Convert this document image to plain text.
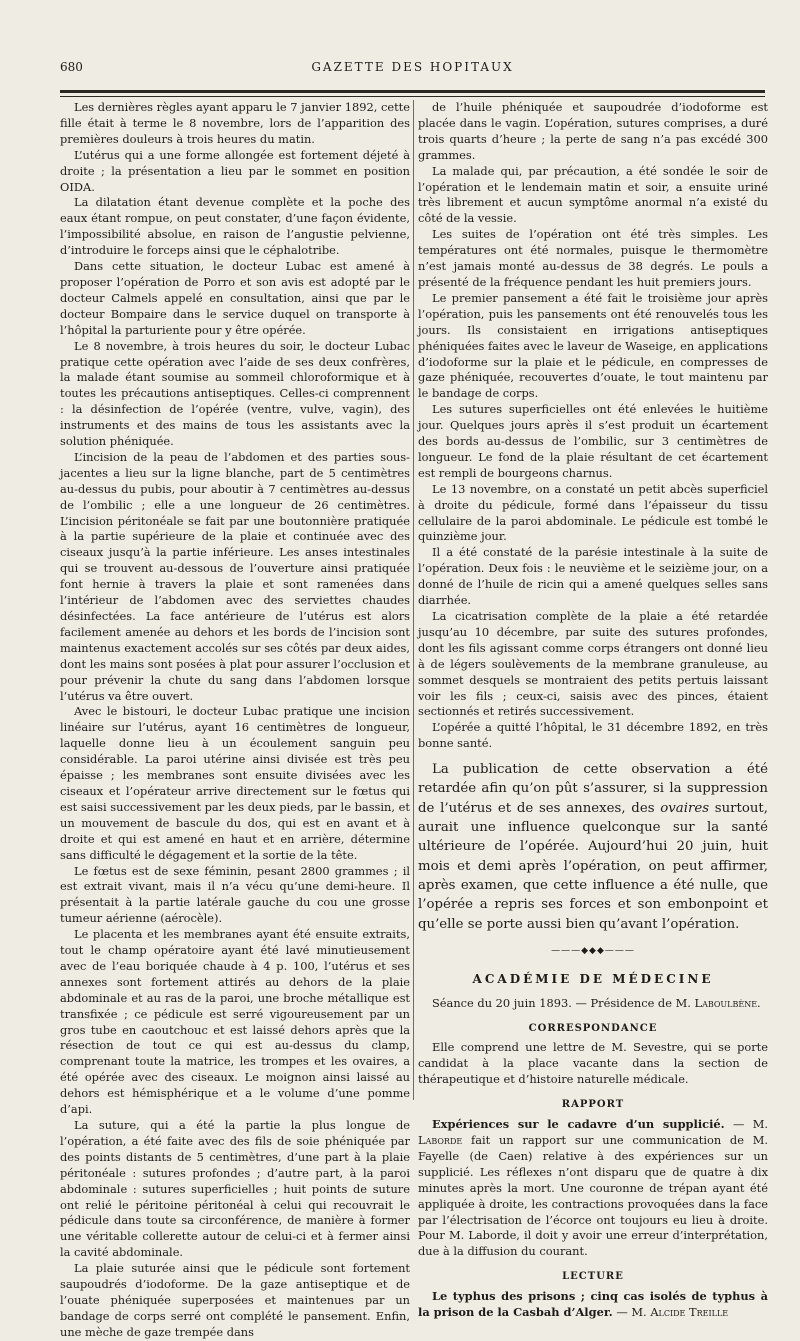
680	GAZETTE DES HOPITAUX

Les dernières règles ayant apparu le 7 janvier 1892, cette fille était à terme le 8 novembre, lors de l’apparition des premières douleurs à trois heures du matin.

L’utérus qui a une forme allongée est fortement déjeté à droite ; la présentation a lieu par le sommet en position OIDA.

La dilatation étant devenue complète et la poche des eaux étant rompue, on peut constater, d’une façon évidente, l’impossibilité absolue, en raison de l’angustie pelvienne, d’introduire le forceps ainsi que le céphalotribe.

Dans cette situation, le docteur Lubac est amené à proposer l’opération de Porro et son avis est adopté par le docteur Calmels appelé en consultation, ainsi que par le docteur Bompaire dans le service duquel on transporte à l’hôpital la parturiente pour y être opérée.

Le 8 novembre, à trois heures du soir, le docteur Lubac pratique cette opération avec l’aide de ses deux confrères, la malade étant soumise au sommeil chloroformique et à toutes les précautions antiseptiques. Celles-ci comprennent : la désinfection de l’opérée (ventre, vulve, vagin), des instruments et des mains de tous les assistants avec la solution phéniquée.

L’incision de la peau de l’abdomen et des parties sous-jacentes a lieu sur la ligne blanche, part de 5 centimètres au-dessus du pubis, pour aboutir à 7 centimètres au-dessus de l’ombilic ; elle a une longueur de 26 centimètres. L’incision péritonéale se fait par une boutonnière pratiquée à la partie supérieure de la plaie et continuée avec des ciseaux jusqu’à la partie inférieure. Les anses intestinales qui se trouvent au-dessous de l’ouverture ainsi pratiquée font hernie à travers la plaie et sont ramenées dans l’intérieur de l’abdomen avec des serviettes chaudes désinfectées. La face antérieure de l’utérus est alors facilement amenée au dehors et les bords de l’incision sont maintenus exactement accolés sur ses côtés par deux aides, dont les mains sont posées à plat pour assurer l’occlusion et pour prévenir la chute du sang dans l’abdomen lorsque l’utérus va être ouvert.

Avec le bistouri, le docteur Lubac pratique une incision linéaire sur l’utérus, ayant 16 centimètres de longueur, laquelle donne lieu à un écoulement sanguin peu considérable. La paroi utérine ainsi divisée est très peu épaisse ; les membranes sont ensuite divisées avec les ciseaux et l’opérateur arrive directement sur le fœtus qui est saisi successivement par les deux pieds, par le bassin, et un mouvement de bascule du dos, qui est en avant et à droite et qui est amené en haut et en arrière, détermine sans difficulté le dégagement et la sortie de la tête.

Le fœtus est de sexe féminin, pesant 2800 grammes ; il est extrait vivant, mais il n’a vécu qu’une demi-heure. Il présentait à la partie latérale gauche du cou une grosse tumeur aérienne (aérocèle).

Le placenta et les membranes ayant été ensuite extraits, tout le champ opératoire ayant été lavé minutieusement avec de l’eau boriquée chaude à 4 p. 100, l’utérus et ses annexes sont fortement attirés au dehors de la plaie abdominale et au ras de la paroi, une broche métallique est transfixée ; ce pédicule est serré vigoureusement par un gros tube en caoutchouc et est laissé dehors après que la résection de tout ce qui est au-dessus du clamp, comprenant toute la matrice, les trompes et les ovaires, a été opérée avec des ciseaux. Le moignon ainsi laissé au dehors est hémisphérique et a le volume d’une pomme d’api.

La suture, qui a été la partie la plus longue de l’opération, a été faite avec des fils de soie phéniquée par des points distants de 5 centimètres, d’une part à la plaie péritonéale : sutures profondes ; d’autre part, à la paroi abdominale : sutures superficielles ; huit points de suture ont relié le péritoine péritonéal à celui qui recouvrait le pédicule dans toute sa circonférence, de manière à former une véritable collerette autour de celui-ci et à fermer ainsi la cavité abdominale.

La plaie suturée ainsi que le pédicule sont fortement saupoudrés d’iodoforme. De la gaze antiseptique et de l’ouate phéniquée superposées et maintenues par un bandage de corps serré ont complété le pansement. Enfin, une mèche de gaze trempée dans

de l’huile phéniquée et saupoudrée d’iodoforme est placée dans le vagin. L’opération, sutures comprises, a duré trois quarts d’heure ; la perte de sang n’a pas excédé 300 grammes.

La malade qui, par précaution, a été sondée le soir de l’opération et le lendemain matin et soir, a ensuite uriné très librement et aucun symptôme anormal n’a existé du côté de la vessie.

Les suites de l’opération ont été très simples. Les températures ont été normales, puisque le thermomètre n’est jamais monté au-dessus de 38 degrés. Le pouls a présenté de la fréquence pendant les huit premiers jours.

Le premier pansement a été fait le troisième jour après l’opération, puis les pansements ont été renouvelés tous les jours. Ils consistaient en irrigations antiseptiques phéniquées faites avec le laveur de Waseige, en applications d’iodoforme sur la plaie et le pédicule, en compresses de gaze phéniquée, recouvertes d’ouate, le tout maintenu par le bandage de corps.

Les sutures superficielles ont été enlevées le huitième jour. Quelques jours après il s’est produit un écartement des bords au-dessus de l’ombilic, sur 3 centimètres de longueur. Le fond de la plaie résultant de cet écartement est rempli de bourgeons charnus.

Le 13 novembre, on a constaté un petit abcès superficiel à droite du pédicule, formé dans l’épaisseur du tissu cellulaire de la paroi abdominale. Le pédicule est tombé le quinzième jour.

Il a été constaté de la parésie intestinale à la suite de l’opération. Deux fois : le neuvième et le seizième jour, on a donné de l’huile de ricin qui a amené quelques selles sans diarrhée.

La cicatrisation complète de la plaie a été retardée jusqu’au 10 décembre, par suite des sutures profondes, dont les fils agissant comme corps étrangers ont donné lieu à de légers soulèvements de la membrane granuleuse, au sommet desquels se montraient des petits pertuis laissant voir les fils ; ceux-ci, saisis avec des pinces, étaient sectionnés et retirés successivement.

L’opérée a quitté l’hôpital, le 31 décembre 1892, en très bonne santé.

La publication de cette observation a été retardée afin qu’on pût s’assurer, si la suppression de l’utérus et de ses annexes, des ovaires surtout, aurait une influence quelconque sur la santé ultérieure de l’opérée. Aujourd’hui 20 juin, huit mois et demi après l’opération, on peut affirmer, après examen, que cette influence a été nulle, que l’opérée a repris ses forces et son embonpoint et qu’elle se porte aussi bien qu’avant l’opération.

———◆◆◆———
ACADÉMIE DE MÉDECINE

Séance du 20 juin 1893. — Présidence de M. Laboulbène.

CORRESPONDANCE

Elle comprend une lettre de M. Sevestre, qui se porte candidat à la place vacante dans la section de thérapeutique et d’histoire naturelle médicale.

RAPPORT

Expériences sur le cadavre d’un supplicié. — M. Laborde fait un rapport sur une communication de M. Fayelle (de Caen) relative à des expériences sur un supplicié. Les réflexes n’ont disparu que de quatre à dix minutes après la mort. Une couronne de trépan ayant été appliquée à droite, les contractions provoquées dans la face par l’électrisation de l’écorce ont toujours eu lieu à droite. Pour M. Laborde, il doit y avoir une erreur d’interprétation, due à la diffusion du courant.

LECTURE

Le typhus des prisons ; cinq cas isolés de typhus à la prison de la Casbah d’Alger. — M. Alcide Treille
